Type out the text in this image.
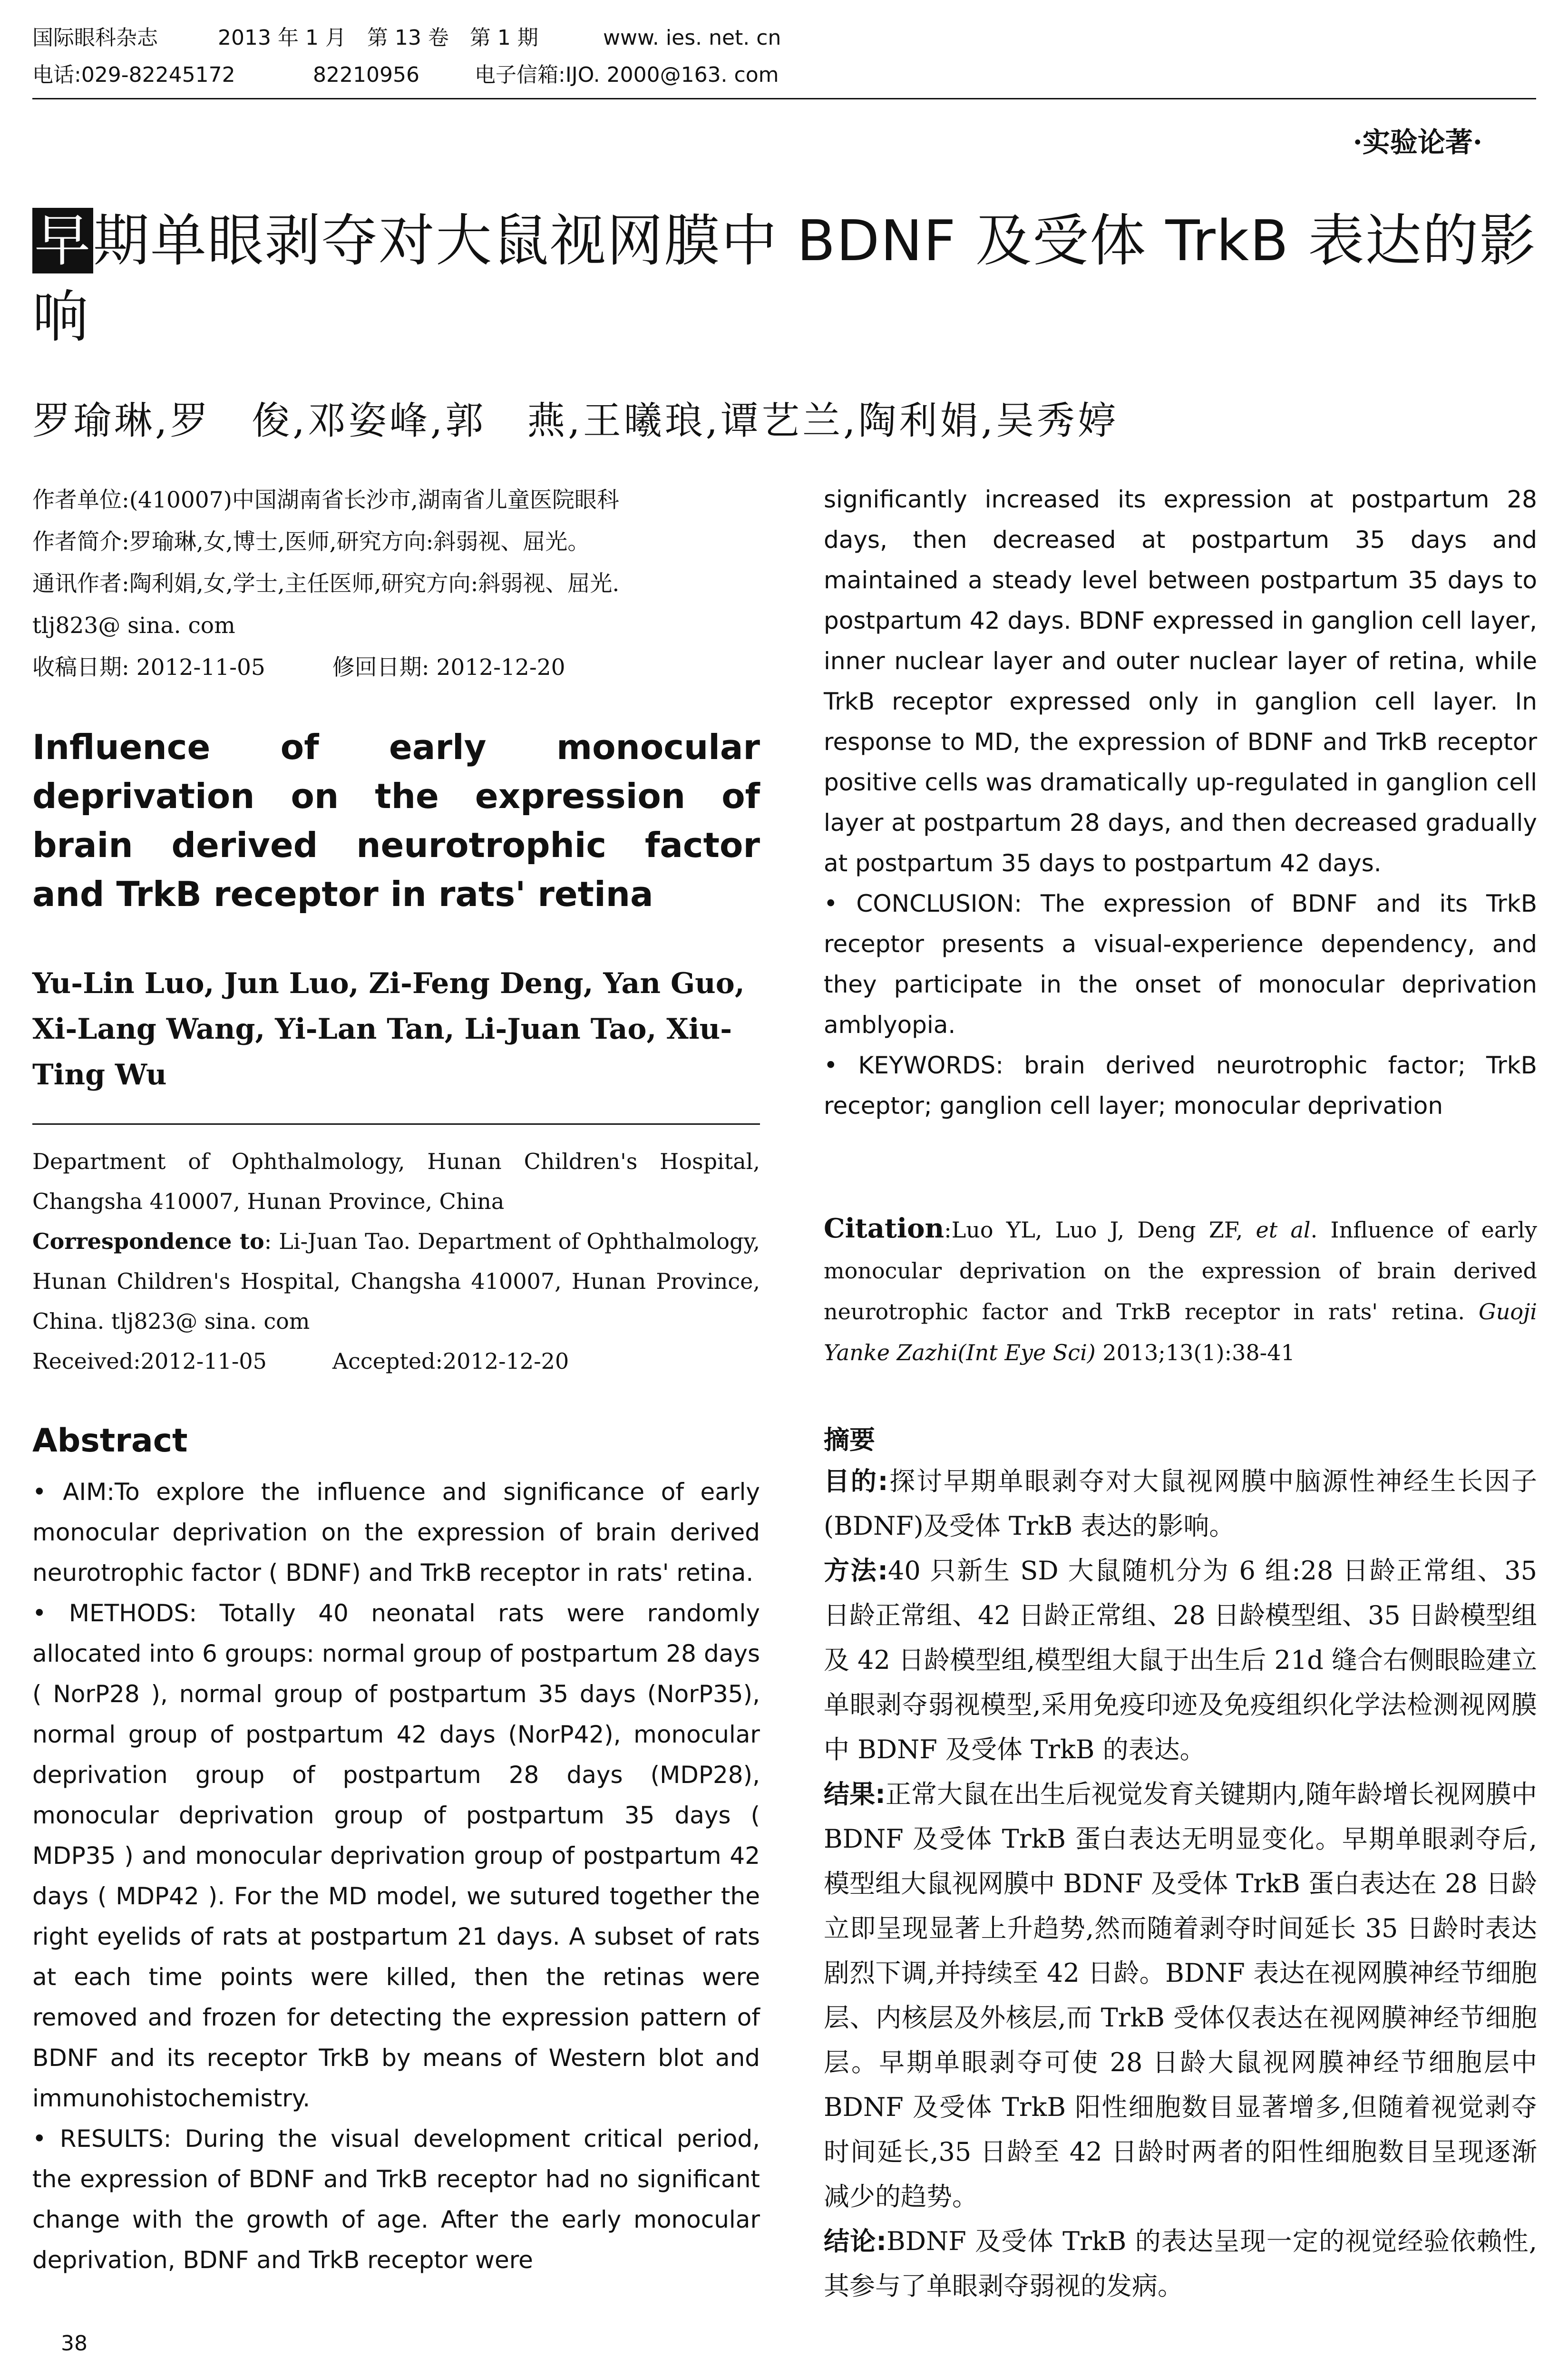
国际眼科杂志	2013 年 1 月　第 13 卷　第 1 期	www. ies. net. cn
电话:029-82245172	82210956	电子信箱:IJO. 2000@163. com
·实验论著·
早期单眼剥夺对大鼠视网膜中 BDNF 及受体 TrkB 表达的影响
罗瑜琳,罗　俊,邓姿峰,郭　燕,王曦琅,谭艺兰,陶利娟,吴秀婷
作者单位:(410007)中国湖南省长沙市,湖南省儿童医院眼科
作者简介:罗瑜琳,女,博士,医师,研究方向:斜弱视、屈光。
通讯作者:陶利娟,女,学士,主任医师,研究方向:斜弱视、屈光.
tlj823@ sina. com
收稿日期: 2012-11-05　　　修回日期: 2012-12-20
Influence of early monocular deprivation on the expression of brain derived neurotrophic factor and TrkB receptor in rats' retina
Yu-Lin Luo, Jun Luo, Zi-Feng Deng, Yan Guo, Xi-Lang Wang, Yi-Lan Tan, Li-Juan Tao, Xiu-Ting Wu
Department of Ophthalmology, Hunan Children's Hospital, Changsha 410007, Hunan Province, China
Correspondence to: Li-Juan Tao. Department of Ophthalmology, Hunan Children's Hospital, Changsha 410007, Hunan Province, China. tlj823@ sina. com
Received:2012-11-05　　　Accepted:2012-12-20
Abstract
• AIM:To explore the influence and significance of early monocular deprivation on the expression of brain derived neurotrophic factor ( BDNF) and TrkB receptor in rats' retina.
• METHODS: Totally 40 neonatal rats were randomly allocated into 6 groups: normal group of postpartum 28 days ( NorP28 ), normal group of postpartum 35 days (NorP35), normal group of postpartum 42 days (NorP42), monocular deprivation group of postpartum 28 days (MDP28), monocular deprivation group of postpartum 35 days ( MDP35 ) and monocular deprivation group of postpartum 42 days ( MDP42 ). For the MD model, we sutured together the right eyelids of rats at postpartum 21 days. A subset of rats at each time points were killed, then the retinas were removed and frozen for detecting the expression pattern of BDNF and its receptor TrkB by means of Western blot and immunohistochemistry.
• RESULTS: During the visual development critical period, the expression of BDNF and TrkB receptor had no significant change with the growth of age. After the early monocular deprivation, BDNF and TrkB receptor were
significantly increased its expression at postpartum 28 days, then decreased at postpartum 35 days and maintained a steady level between postpartum 35 days to postpartum 42 days. BDNF expressed in ganglion cell layer, inner nuclear layer and outer nuclear layer of retina, while TrkB receptor expressed only in ganglion cell layer. In response to MD, the expression of BDNF and TrkB receptor positive cells was dramatically up-regulated in ganglion cell layer at postpartum 28 days, and then decreased gradually at postpartum 35 days to postpartum 42 days.
• CONCLUSION: The expression of BDNF and its TrkB receptor presents a visual-experience dependency, and they participate in the onset of monocular deprivation amblyopia.
• KEYWORDS: brain derived neurotrophic factor; TrkB receptor; ganglion cell layer; monocular deprivation
Citation:Luo YL, Luo J, Deng ZF, et al. Influence of early monocular deprivation on the expression of brain derived neurotrophic factor and TrkB receptor in rats' retina. Guoji Yanke Zazhi(Int Eye Sci) 2013;13(1):38-41
摘要
目的:探讨早期单眼剥夺对大鼠视网膜中脑源性神经生长因子(BDNF)及受体 TrkB 表达的影响。
方法:40 只新生 SD 大鼠随机分为 6 组:28 日龄正常组、35 日龄正常组、42 日龄正常组、28 日龄模型组、35 日龄模型组及 42 日龄模型组,模型组大鼠于出生后 21d 缝合右侧眼睑建立单眼剥夺弱视模型,采用免疫印迹及免疫组织化学法检测视网膜中 BDNF 及受体 TrkB 的表达。
结果:正常大鼠在出生后视觉发育关键期内,随年龄增长视网膜中 BDNF 及受体 TrkB 蛋白表达无明显变化。早期单眼剥夺后,模型组大鼠视网膜中 BDNF 及受体 TrkB 蛋白表达在 28 日龄立即呈现显著上升趋势,然而随着剥夺时间延长 35 日龄时表达剧烈下调,并持续至 42 日龄。BDNF 表达在视网膜神经节细胞层、内核层及外核层,而 TrkB 受体仅表达在视网膜神经节细胞层。早期单眼剥夺可使 28 日龄大鼠视网膜神经节细胞层中 BDNF 及受体 TrkB 阳性细胞数目显著增多,但随着视觉剥夺时间延长,35 日龄至 42 日龄时两者的阳性细胞数目呈现逐渐减少的趋势。
结论:BDNF 及受体 TrkB 的表达呈现一定的视觉经验依赖性,其参与了单眼剥夺弱视的发病。
38
